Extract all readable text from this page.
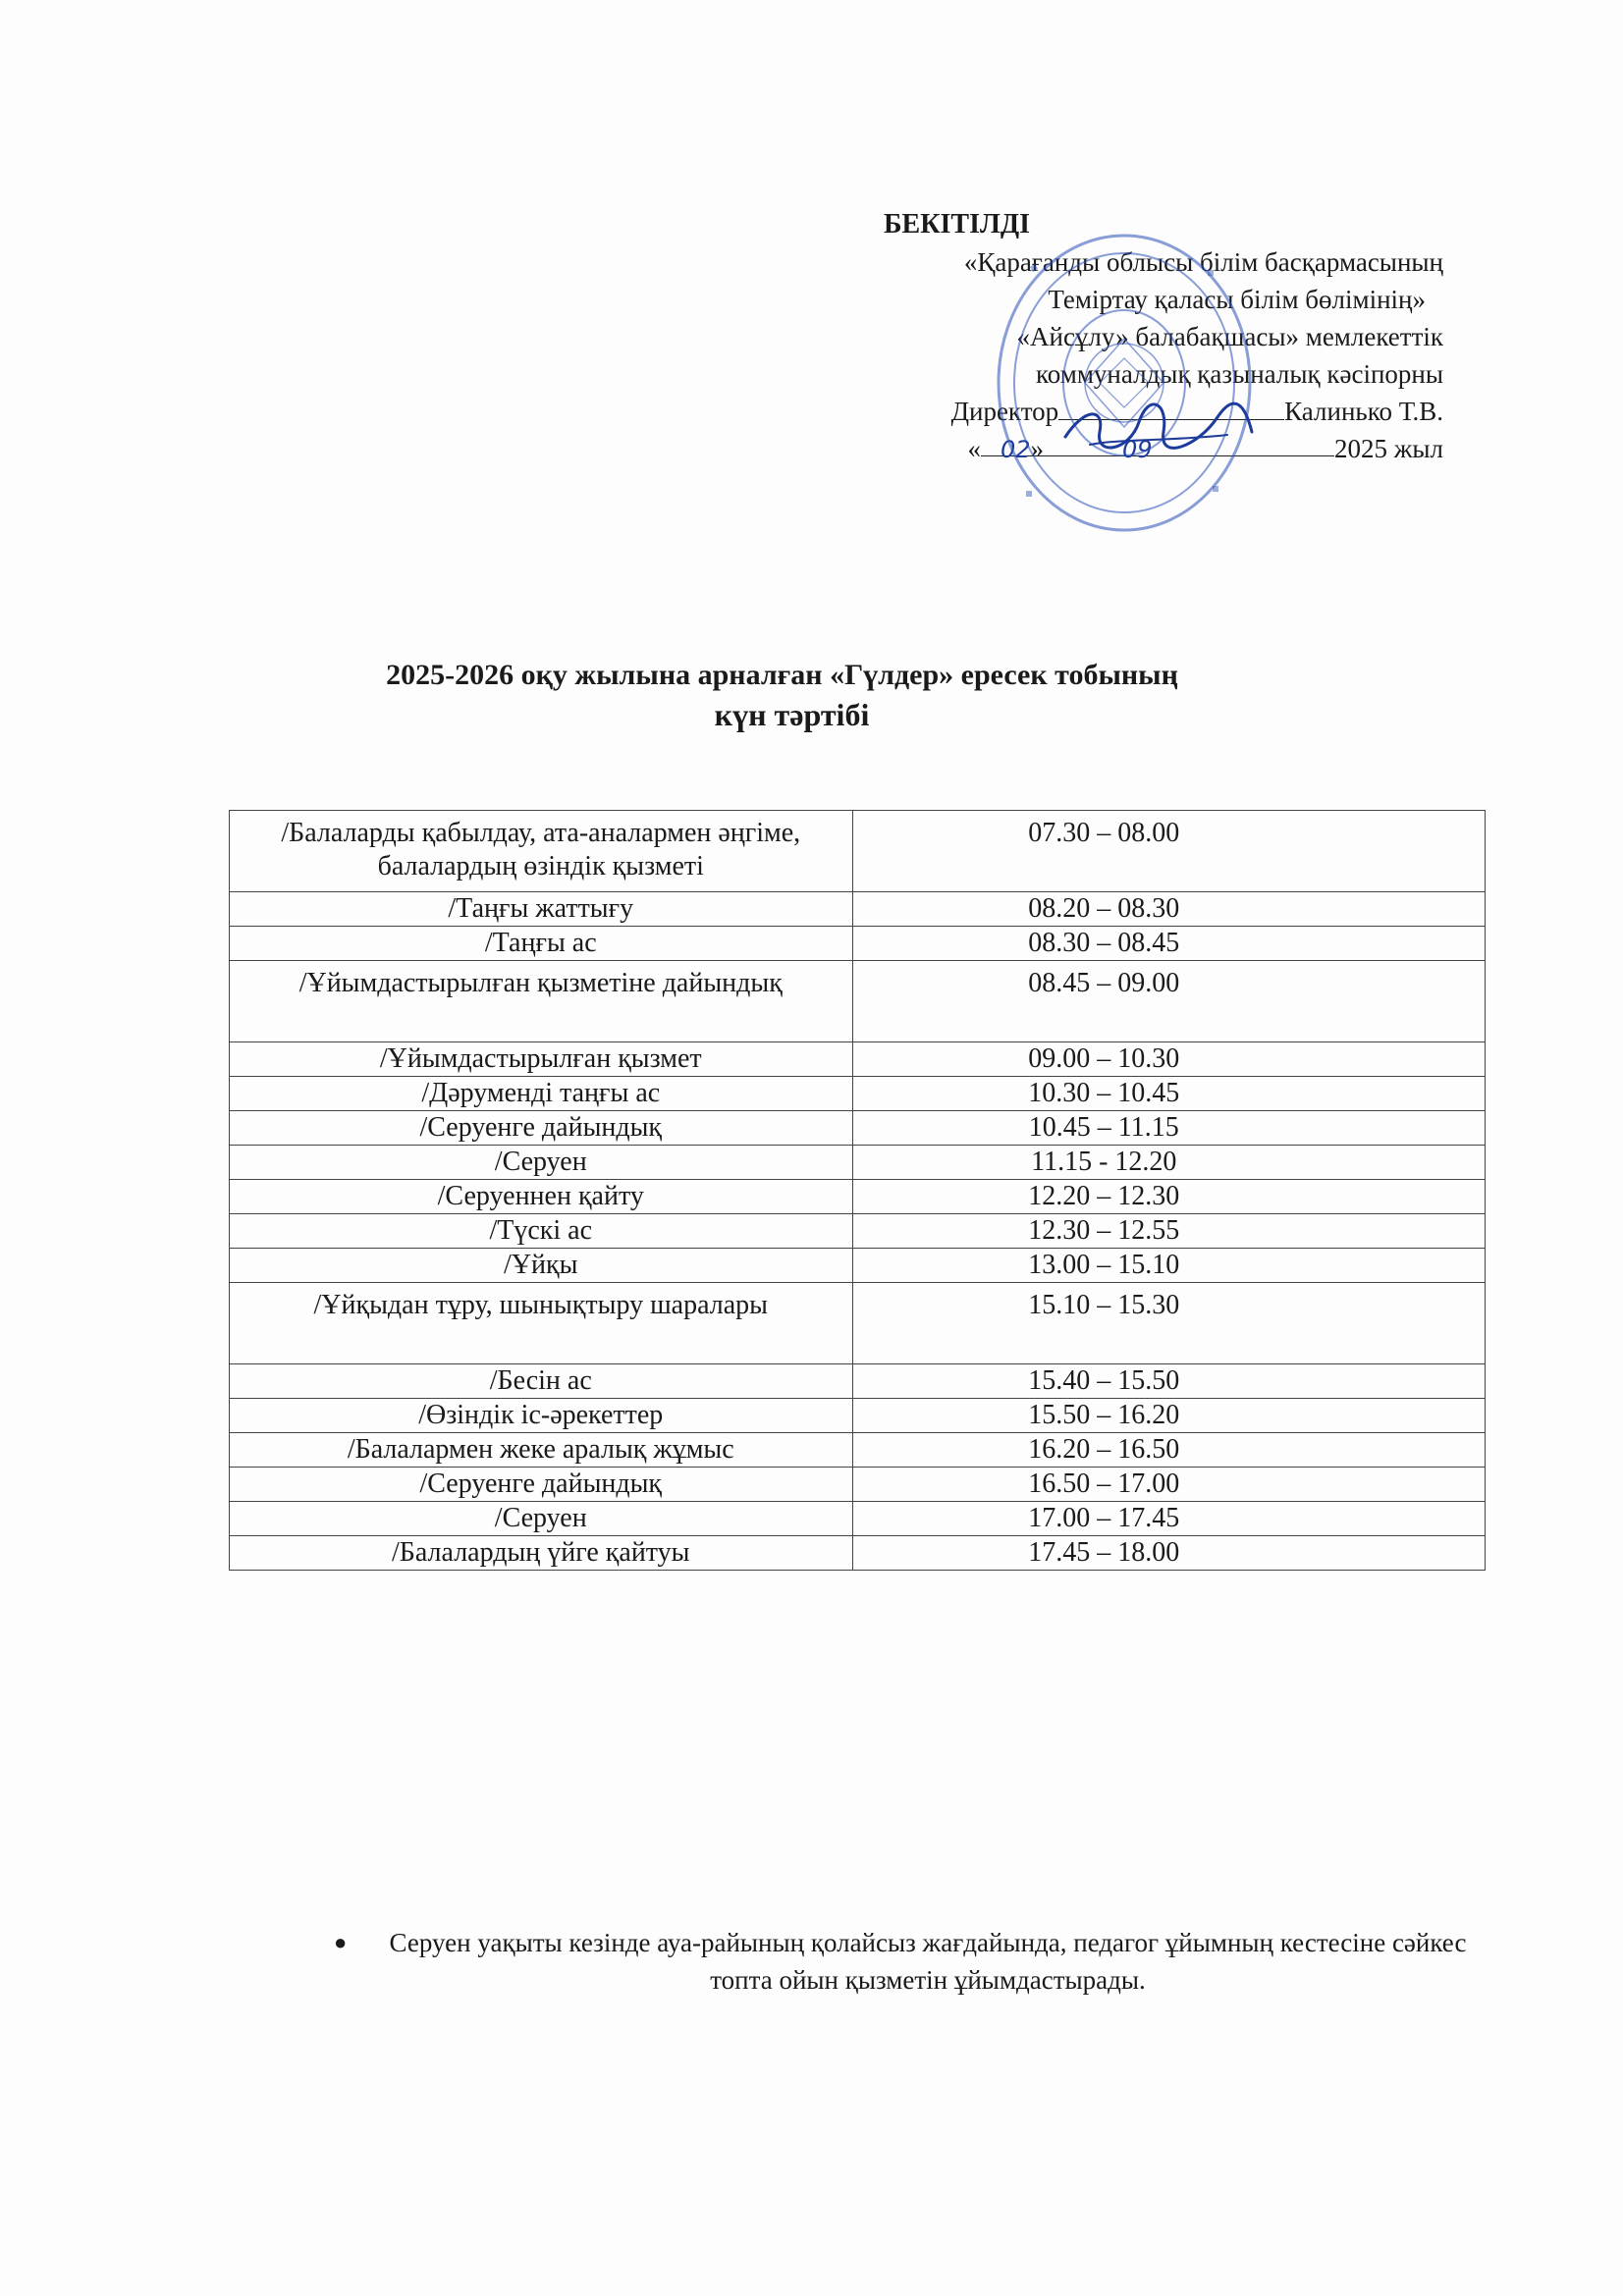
БЕКІТІЛДІ
«Қарағанды облысы білім басқармасының
Теміртау қаласы білім бөлімінің»
«Айсұлу» балабақшасы» мемлекеттік
коммуналдық қазыналық кәсіпорны
Директор	Калинько Т.В.
« 02»	09	2025 жыл
2025-2026 оқу жылына арналған «Гүлдер» ересек тобының
күн тәртібі
/Балаларды қабылдау, ата-аналармен әңгіме, балалардың өзіндік қызметі	07.30 – 08.00
/Таңғы жаттығу	08.20 – 08.30
/Таңғы ас	08.30 – 08.45
/Ұйымдастырылған қызметіне дайындық	08.45 – 09.00
/Ұйымдастырылған қызмет	09.00 – 10.30
/Дәруменді таңғы ас	10.30 – 10.45
/Серуенге дайындық	10.45 – 11.15
/Серуен	11.15 - 12.20
/Серуеннен қайту	12.20 – 12.30
/Түскі ас	12.30 – 12.55
/Ұйқы	13.00 – 15.10
/Ұйқыдан тұру, шынықтыру шаралары	15.10 – 15.30
/Бесін ас	15.40 – 15.50
/Өзіндік іс-әрекеттер	15.50 – 16.20
/Балалармен жеке аралық жұмыс	16.20 – 16.50
/Серуенге дайындық	16.50 – 17.00
/Серуен	17.00 – 17.45
/Балалардың үйге қайтуы	17.45 – 18.00
● Серуен уақыты кезінде ауа-райының қолайсыз жағдайында, педагог ұйымның кестесіне сәйкес топта ойын қызметін ұйымдастырады.
